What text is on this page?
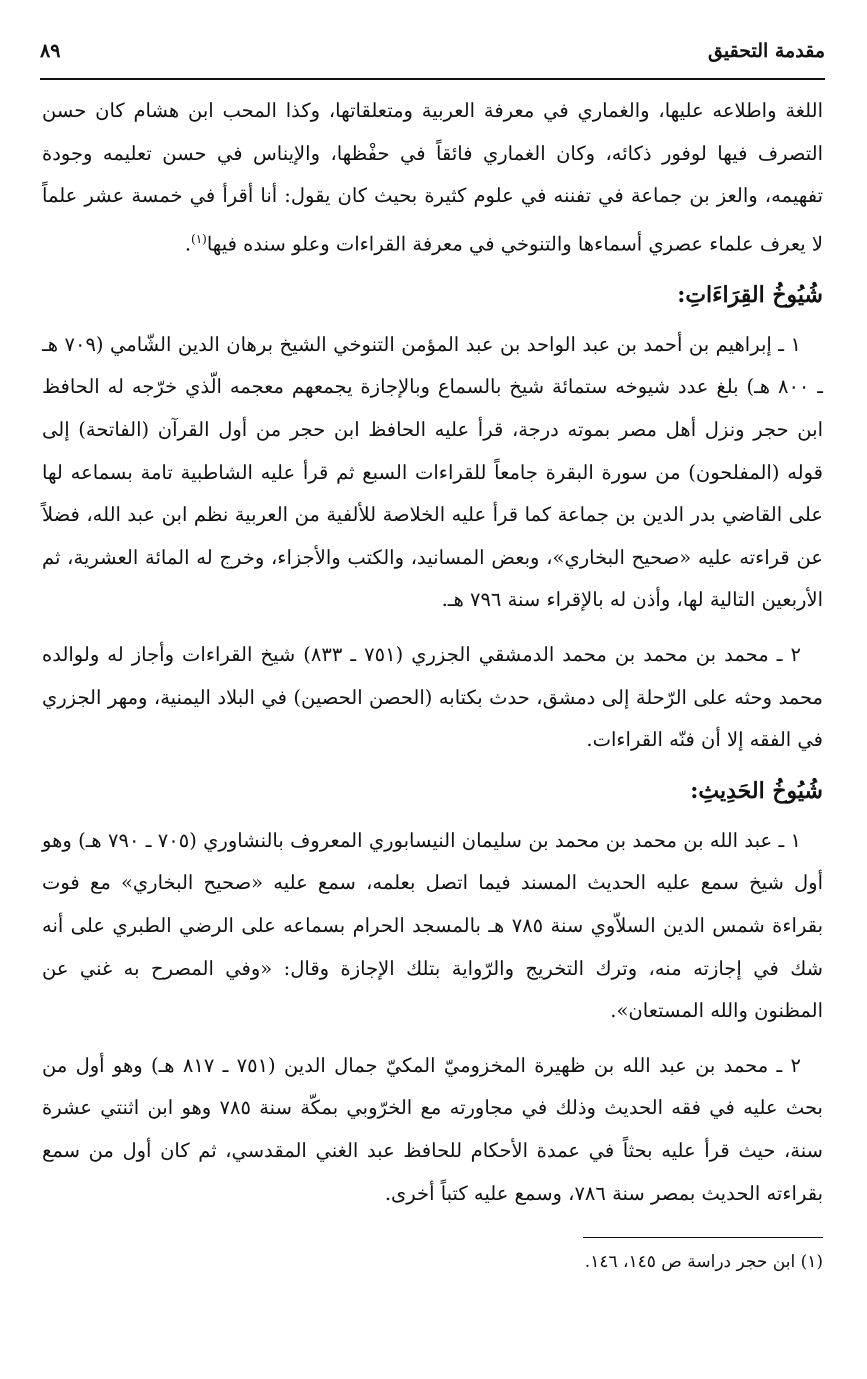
مقدمة التحقيق
٨٩

اللغة واطلاعه عليها، والغماري في معرفة العربية ومتعلقاتها، وكذا المحب ابن هشام كان حسن التصرف فيها لوفور ذكائه، وكان الغماري فائقاً في حفْظها، والإيناس في حسن تعليمه وجودة تفهيمه، والعز بن جماعة في تفننه في علوم كثيرة بحيث كان يقول: أنا أقرأ في خمسة عشر علماً لا يعرف علماء عصري أسماءها والتنوخي في معرفة القراءات وعلو سنده فيها$^{(١)}$.

شُيُوخُ القِرَاءَاتِ:

١ ـ إبراهيم بن أحمد بن عبد الواحد بن عبد المؤمن التنوخي الشيخ برهان الدين الشّامي (٧٠٩ هـ ـ ٨٠٠ هـ) بلغ عدد شيوخه ستمائة شيخ بالسماع وبالإجازة يجمعهم معجمه الّذي خرّجه له الحافظ ابن حجر ونزل أهل مصر بموته درجة، قرأ عليه الحافظ ابن حجر من أول القرآن (الفاتحة) إلى قوله (المفلحون) من سورة البقرة جامعاً للقراءات السبع ثم قرأ عليه الشاطبية تامة بسماعه لها على القاضي بدر الدين بن جماعة كما قرأ عليه الخلاصة للألفية من العربية نظم ابن عبد الله، فضلاً عن قراءته عليه «صحيح البخاري»، وبعض المسانيد، والكتب والأجزاء، وخرج له المائة العشرية، ثم الأربعين التالية لها، وأذن له بالإقراء سنة ٧٩٦ هـ.

٢ ـ محمد بن محمد بن محمد الدمشقي الجزري (٧٥١ ـ ٨٣٣) شيخ القراءات وأجاز له ولوالده محمد وحثه على الرّحلة إلى دمشق، حدث بكتابه (الحصن الحصين) في البلاد اليمنية، ومهر الجزري في الفقه إلا أن فنّه القراءات.

شُيُوخُ الحَدِيثِ:

١ ـ عبد الله بن محمد بن محمد بن سليمان النيسابوري المعروف بالنشاوري (٧٠٥ ـ ٧٩٠ هـ) وهو أول شيخ سمع عليه الحديث المسند فيما اتصل بعلمه، سمع عليه «صحيح البخاري» مع فوت بقراءة شمس الدين السلاّوي سنة ٧٨٥ هـ بالمسجد الحرام بسماعه على الرضي الطبري على أنه شك في إجازته منه، وترك التخريج والرّواية بتلك الإجازة وقال: «وفي المصرح به غني عن المظنون والله المستعان».

٢ ـ محمد بن عبد الله بن ظهيرة المخزوميّ المكيّ جمال الدين (٧٥١ ـ ٨١٧ هـ) وهو أول من بحث عليه في فقه الحديث وذلك في مجاورته مع الخرّوبي بمكّة سنة ٧٨٥ وهو ابن اثنتي عشرة سنة، حيث قرأ عليه بحثاً في عمدة الأحكام للحافظ عبد الغني المقدسي، ثم كان أول من سمع بقراءته الحديث بمصر سنة ٧٨٦، وسمع عليه كتباً أخرى.

(١) ابن حجر دراسة ص ١٤٥، ١٤٦.
